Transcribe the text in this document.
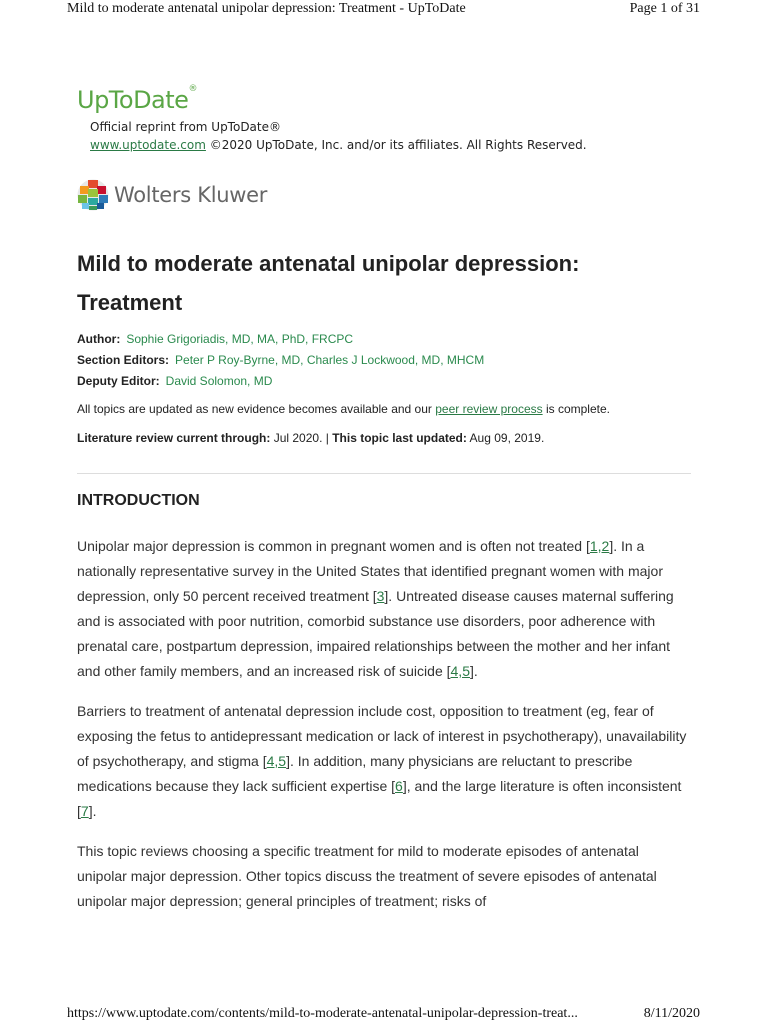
Mild to moderate antenatal unipolar depression: Treatment - UpToDate	Page 1 of 31
UpToDate®
Official reprint from UpToDate®
www.uptodate.com ©2020 UpToDate, Inc. and/or its affiliates. All Rights Reserved.
Wolters Kluwer
Mild to moderate antenatal unipolar depression: Treatment
Author: Sophie Grigoriadis, MD, MA, PhD, FRCPC
Section Editors: Peter P Roy-Byrne, MD, Charles J Lockwood, MD, MHCM
Deputy Editor: David Solomon, MD
All topics are updated as new evidence becomes available and our peer review process is complete.
Literature review current through: Jul 2020. | This topic last updated: Aug 09, 2019.
INTRODUCTION

Unipolar major depression is common in pregnant women and is often not treated [1,2]. In a nationally representative survey in the United States that identified pregnant women with major depression, only 50 percent received treatment [3]. Untreated disease causes maternal suffering and is associated with poor nutrition, comorbid substance use disorders, poor adherence with prenatal care, postpartum depression, impaired relationships between the mother and her infant and other family members, and an increased risk of suicide [4,5].

Barriers to treatment of antenatal depression include cost, opposition to treatment (eg, fear of exposing the fetus to antidepressant medication or lack of interest in psychotherapy), unavailability of psychotherapy, and stigma [4,5]. In addition, many physicians are reluctant to prescribe medications because they lack sufficient expertise [6], and the large literature is often inconsistent [7].

This topic reviews choosing a specific treatment for mild to moderate episodes of antenatal unipolar major depression. Other topics discuss the treatment of severe episodes of antenatal unipolar major depression; general principles of treatment; risks of

https://www.uptodate.com/contents/mild-to-moderate-antenatal-unipolar-depression-treat...	8/11/2020
